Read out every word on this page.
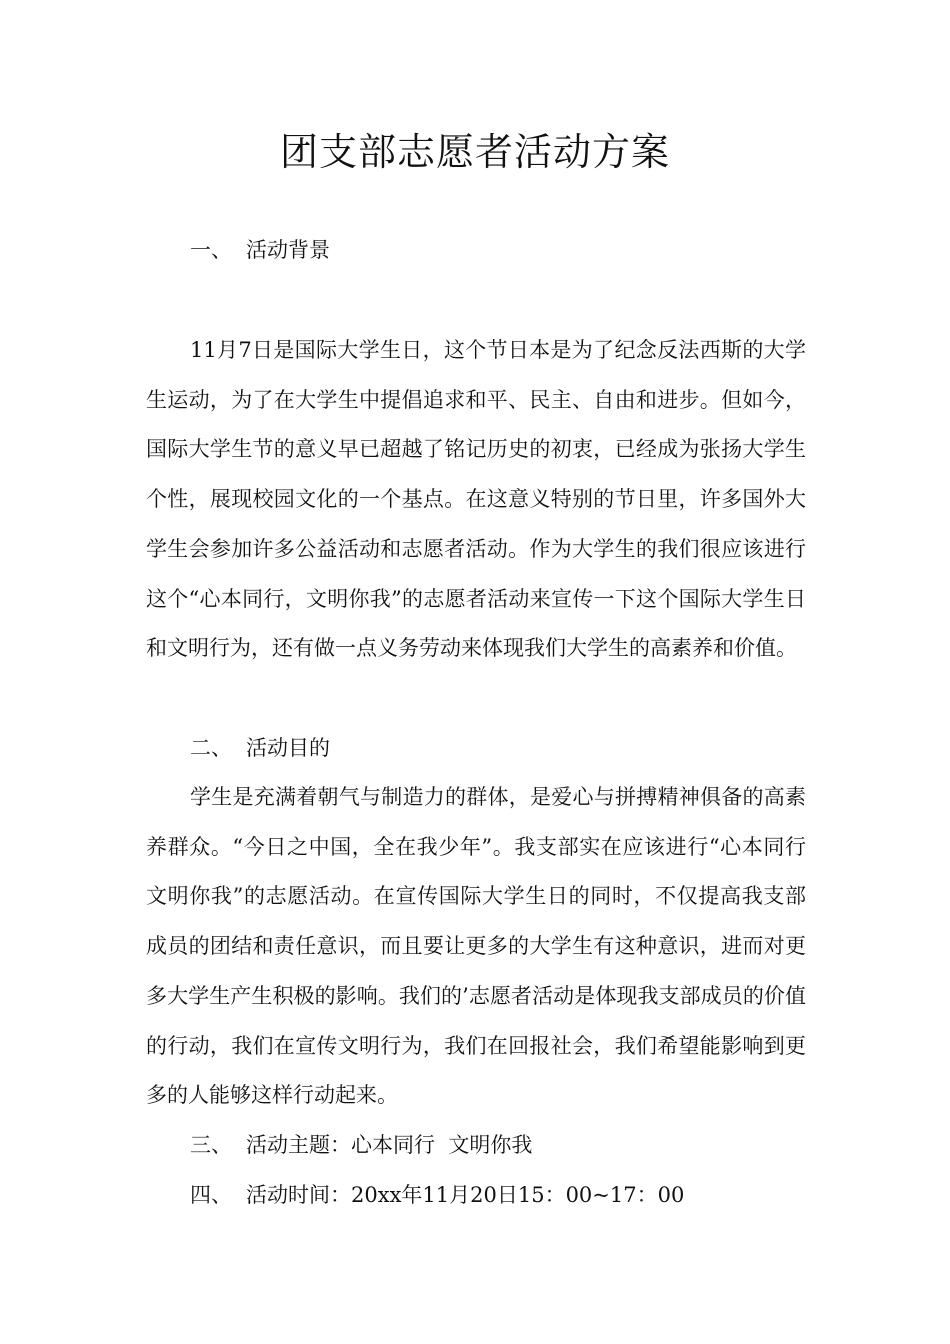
团支部志愿者活动方案
一、 活动背景
11月7日是国际大学生日，这个节日本是为了纪念反法西斯的大学生运动，为了在大学生中提倡追求和平、民主、自由和进步。但如今，国际大学生节的意义早已超越了铭记历史的初衷，已经成为张扬大学生个性，展现校园文化的一个基点。在这意义特别的节日里，许多国外大学生会参加许多公益活动和志愿者活动。作为大学生的我们很应该进行这个“心本同行，文明你我”的志愿者活动来宣传一下这个国际大学生日和文明行为，还有做一点义务劳动来体现我们大学生的高素养和价值。
二、 活动目的
学生是充满着朝气与制造力的群体，是爱心与拼搏精神俱备的高素养群众。“今日之中国，全在我少年”。我支部实在应该进行“心本同行文明你我”的志愿活动。在宣传国际大学生日的同时，不仅提高我支部成员的团结和责任意识，而且要让更多的大学生有这种意识，进而对更多大学生产生积极的影响。我们的’志愿者活动是体现我支部成员的价值的行动，我们在宣传文明行为，我们在回报社会，我们希望能影响到更多的人能够这样行动起来。
三、 活动主题：心本同行  文明你我
四、 活动时间：20xx年11月20日15：00~17：00
